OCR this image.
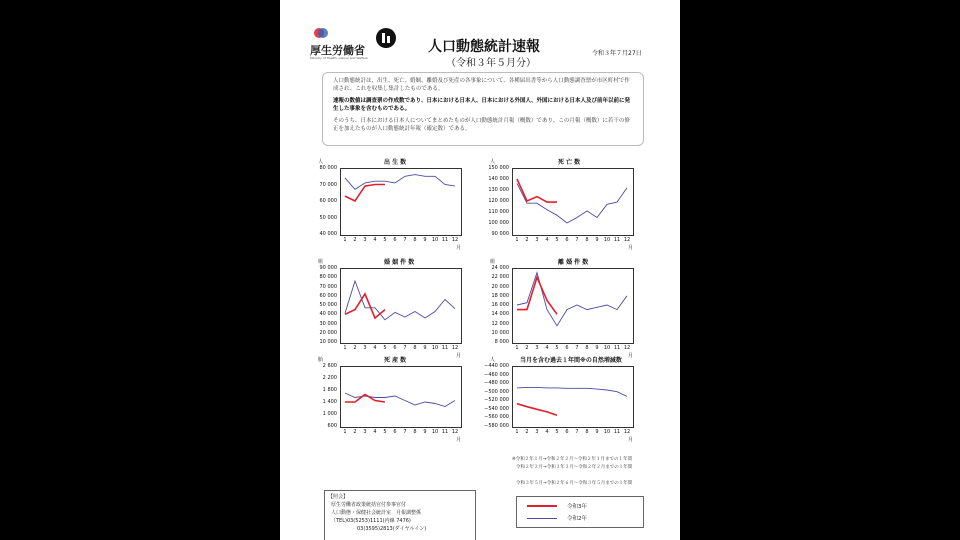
厚生労働省
Ministry of Health, Labour and Welfare
人口動態統計速報
（令和３年５月分）
令和３年７月27日
人口動態統計は、出生、死亡、婚姻、離婚及び死産の各事象について、各種届出書等から人口動態調査票が市区町村で作成され、これを収集し集計したものである。
速報の数値は調査票の作成数であり、日本における日本人、日本における外国人、外国における日本人及び前年以前に発生した事象を含むものである。
そのうち、日本における日本人についてまとめたものが人口動態統計月報（概数）であり、この月報（概数）に若干の修正を加えたものが人口動態統計年報（確定数）である。
出 生 数
人
80 000
70 000
60 000
50 000
40 000
1	2	3	4	5	6	7	8	9	10 11 12
月
死 亡 数
人
150 000
140 000
130 000
120 000
110 000
100 000
90 000
1	2	3	4	5	6	7	8	9	10 11 12
月
婚 姻 件 数
組
90 000
80 000
70 000
60 000
50 000
40 000
30 000
20 000
10 000
1	2	3	4	5	6	7	8	9	10 11 12
月
離 婚 件 数
組
24 000
22 000
20 000
18 000
16 000
14 000
12 000
10 000
8 000
1	2	3	4	5	6	7	8	9	10 11 12
月
死 産 数
胎
2 600
2 200
1 800
1 400
1 000
600
1	2	3	4	5	6	7	8	9	10 11 12
月
当月を含む過去１年間※の自然増減数
人
−440 000
−460 000
−480 000
−500 000
−520 000
−540 000
−560 000
−580 000
1	2	3	4	5	6	7	8	9	10 11 12
月
※令和２年１月→令和２年２月～令和２年１月までの１年間
令和２年２月→令和３年３月～令和２年２月までの１年間
令和３年５月→令和２年６月～令和３年５月までの１年間
【照会】
厚生労働省政策統括官付参事官付
人口動態・保健社会統計室　月報調整係
（TEL)03(5253)1111(内線 7476)
03(3595)2813(ダイヤルイン)
令和3年
令和2年
